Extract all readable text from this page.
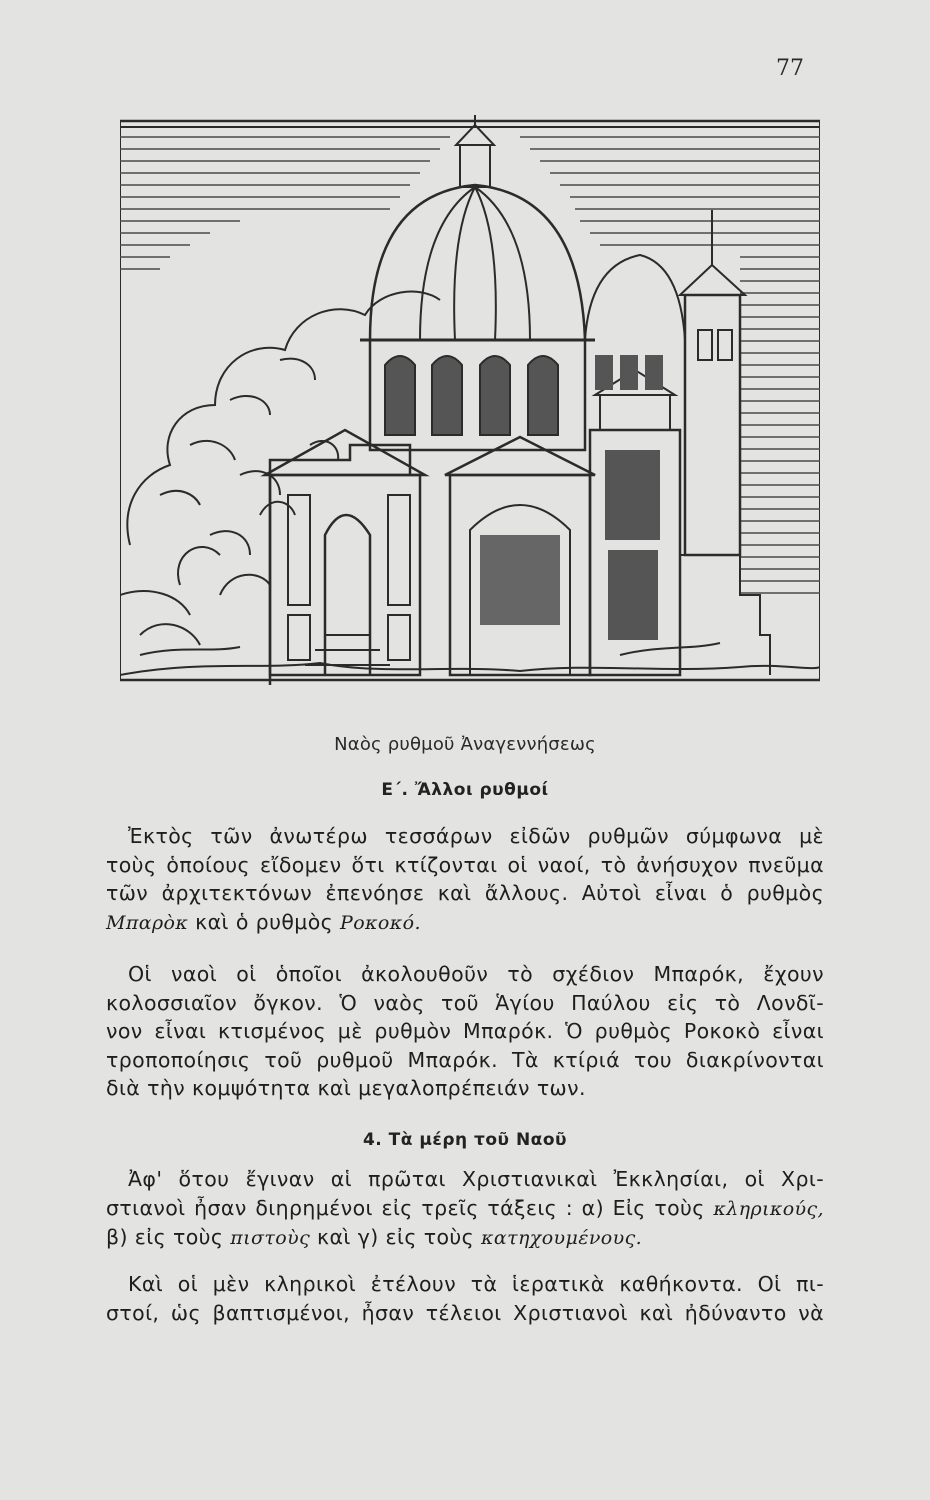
77
Ναὸς ρυθμοῦ Ἀναγεννήσεως
Ε΄. Ἄλλοι ρυθμοί
Ἐκτὸς τῶν ἀνωτέρω τεσσάρων εἰδῶν ρυθμῶν σύμφωνα μὲ
τοὺς ὁποίους εἴδομεν ὅτι κτίζονται οἱ ναοί, τὸ ἀνήσυχον πνεῦμα
τῶν ἀρχιτεκτόνων ἐπενόησε καὶ ἄλλους. Αὐτοὶ εἶναι ὁ ρυθμὸς
Μπαρὸκ καὶ ὁ ρυθμὸς Ροκοκό.
Οἱ ναοὶ οἱ ὁποῖοι ἀκολουθοῦν τὸ σχέδιον Μπαρόκ, ἔχουν
κολοσσιαῖον ὄγκον. Ὁ ναὸς τοῦ Ἁγίου Παύλου εἰς τὸ Λονδῖ-
νον εἶναι κτισμένος μὲ ρυθμὸν Μπαρόκ. Ὁ ρυθμὸς Ροκοκὸ εἶναι
τροποποίησις τοῦ ρυθμοῦ Μπαρόκ. Τὰ κτίριά του διακρίνονται
διὰ τὴν κομψότητα καὶ μεγαλοπρέπειάν των.
4. Τὰ μέρη τοῦ Ναοῦ
Ἀφ' ὅτου ἔγιναν αἱ πρῶται Χριστιανικαὶ Ἐκκλησίαι, οἱ Χρι-
στιανοὶ ἦσαν διηρημένοι εἰς τρεῖς τάξεις : α) Εἰς τοὺς κληρικούς,
β) εἰς τοὺς πιστοὺς καὶ γ) εἰς τοὺς κατηχουμένους.
Καὶ οἱ μὲν κληρικοὶ ἐτέλουν τὰ ἱερατικὰ καθήκοντα. Οἱ πι-
στοί, ὡς βαπτισμένοι, ἦσαν τέλειοι Χριστιανοὶ καὶ ἠδύναντο νὰ
